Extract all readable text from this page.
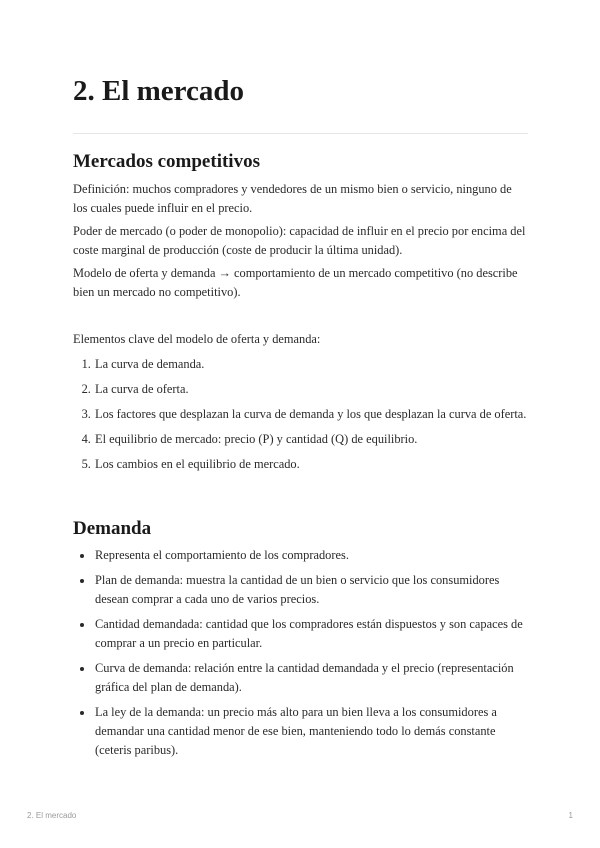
2. El mercado
Mercados competitivos

Definición: muchos compradores y vendedores de un mismo bien o servicio, ninguno de los cuales puede influir en el precio.

Poder de mercado (o poder de monopolio): capacidad de influir en el precio por encima del coste marginal de producción (coste de producir la última unidad).

Modelo de oferta y demanda → comportamiento de un mercado competitivo (no describe bien un mercado no competitivo).

Elementos clave del modelo de oferta y demanda:

1. La curva de demanda.
2. La curva de oferta.
3. Los factores que desplazan la curva de demanda y los que desplazan la curva de oferta.
4. El equilibrio de mercado: precio (P) y cantidad (Q) de equilibrio.
5. Los cambios en el equilibrio de mercado.
Demanda
• Representa el comportamiento de los compradores.
• Plan de demanda: muestra la cantidad de un bien o servicio que los consumidores desean comprar a cada uno de varios precios.
• Cantidad demandada: cantidad que los compradores están dispuestos y son capaces de comprar a un precio en particular.
• Curva de demanda: relación entre la cantidad demandada y el precio (representación gráfica del plan de demanda).
• La ley de la demanda: un precio más alto para un bien lleva a los consumidores a demandar una cantidad menor de ese bien, manteniendo todo lo demás constante (ceteris paribus).
2. El mercado	1
